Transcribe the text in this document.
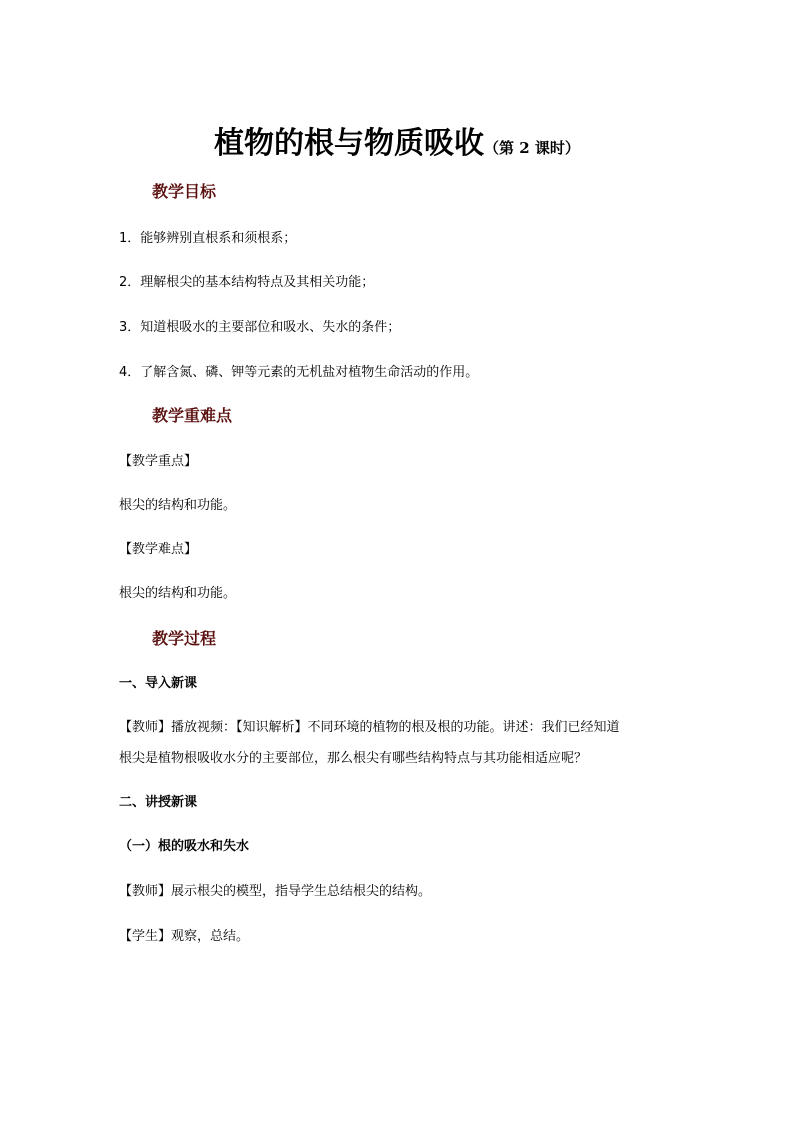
植物的根与物质吸收（第 2 课时）
教学目标
1．能够辨别直根系和须根系；
2．理解根尖的基本结构特点及其相关功能；
3．知道根吸水的主要部位和吸水、失水的条件；
4．了解含氮、磷、钾等元素的无机盐对植物生命活动的作用。
教学重难点
【教学重点】
根尖的结构和功能。
【教学难点】
根尖的结构和功能。
教学过程
一、导入新课
【教师】播放视频：【知识解析】不同环境的植物的根及根的功能。讲述：我们已经知道
根尖是植物根吸收水分的主要部位，那么根尖有哪些结构特点与其功能相适应呢？
二、讲授新课
（一）根的吸水和失水
【教师】展示根尖的模型，指导学生总结根尖的结构。
【学生】观察，总结。
